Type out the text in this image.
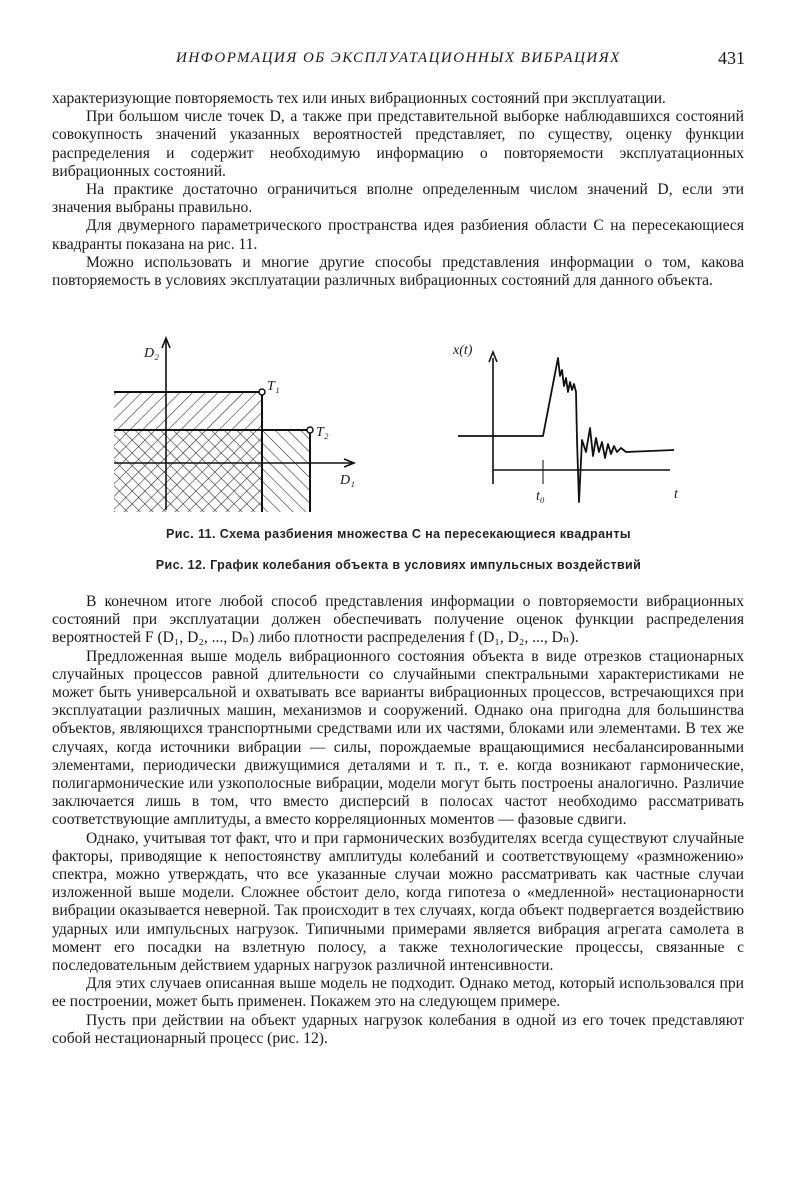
ИНФОРМАЦИЯ ОБ ЭКСПЛУАТАЦИОННЫХ ВИБРАЦИЯХ	431

характеризующие повторяемость тех или иных вибрационных состояний при эксплуатации.

При большом числе точек D, а также при представительной выборке наблюдавшихся состояний совокупность значений указанных вероятностей представляет, по существу, оценку функции распределения и содержит необходимую информацию о повторяемости эксплуатационных вибрационных состояний.

На практике достаточно ограничиться вполне определенным числом значений D, если эти значения выбраны правильно.

Для двумерного параметрического пространства идея разбиения области C на пересекающиеся квадранты показана на рис. 11.

Можно использовать и многие другие способы представления информации о том, какова повторяемость в условиях эксплуатации различных вибрационных состояний для данного объекта.

D₂
D₁
T₁
T₂
x(t)
t₀	t
Рис. 11. Схема разбиения множества C на пересекающиеся квадранты
Рис. 12. График колебания объекта в условиях импульсных воздействий

В конечном итоге любой способ представления информации о повторяемости вибрационных состояний при эксплуатации должен обеспечивать получение оценок функции распределения вероятностей F (D₁, D₂, ..., Dₙ) либо плотности распределения f (D₁, D₂, ..., Dₙ).

Предложенная выше модель вибрационного состояния объекта в виде отрезков стационарных случайных процессов равной длительности со случайными спектральными характеристиками не может быть универсальной и охватывать все варианты вибрационных процессов, встречающихся при эксплуатации различных машин, механизмов и сооружений. Однако она пригодна для большинства объектов, являющихся транспортными средствами или их частями, блоками или элементами. В тех же случаях, когда источники вибрации — силы, порождаемые вращающимися несбалансированными элементами, периодически движущимися деталями и т. п., т. е. когда возникают гармонические, полигармонические или узкополосные вибрации, модели могут быть построены аналогично. Различие заключается лишь в том, что вместо дисперсий в полосах частот необходимо рассматривать соответствующие амплитуды, а вместо корреляционных моментов — фазовые сдвиги.

Однако, учитывая тот факт, что и при гармонических возбудителях всегда существуют случайные факторы, приводящие к непостоянству амплитуды колебаний и соответствующему «размножению» спектра, можно утверждать, что все указанные случаи можно рассматривать как частные случаи изложенной выше модели. Сложнее обстоит дело, когда гипотеза о «медленной» нестационарности вибрации оказывается неверной. Так происходит в тех случаях, когда объект подвергается воздействию ударных или импульсных нагрузок. Типичными примерами является вибрация агрегата самолета в момент его посадки на взлетную полосу, а также технологические процессы, связанные с последовательным действием ударных нагрузок различной интенсивности.

Для этих случаев описанная выше модель не подходит. Однако метод, который использовался при ее построении, может быть применен. Покажем это на следующем примере.

Пусть при действии на объект ударных нагрузок колебания в одной из его точек представляют собой нестационарный процесс (рис. 12).
